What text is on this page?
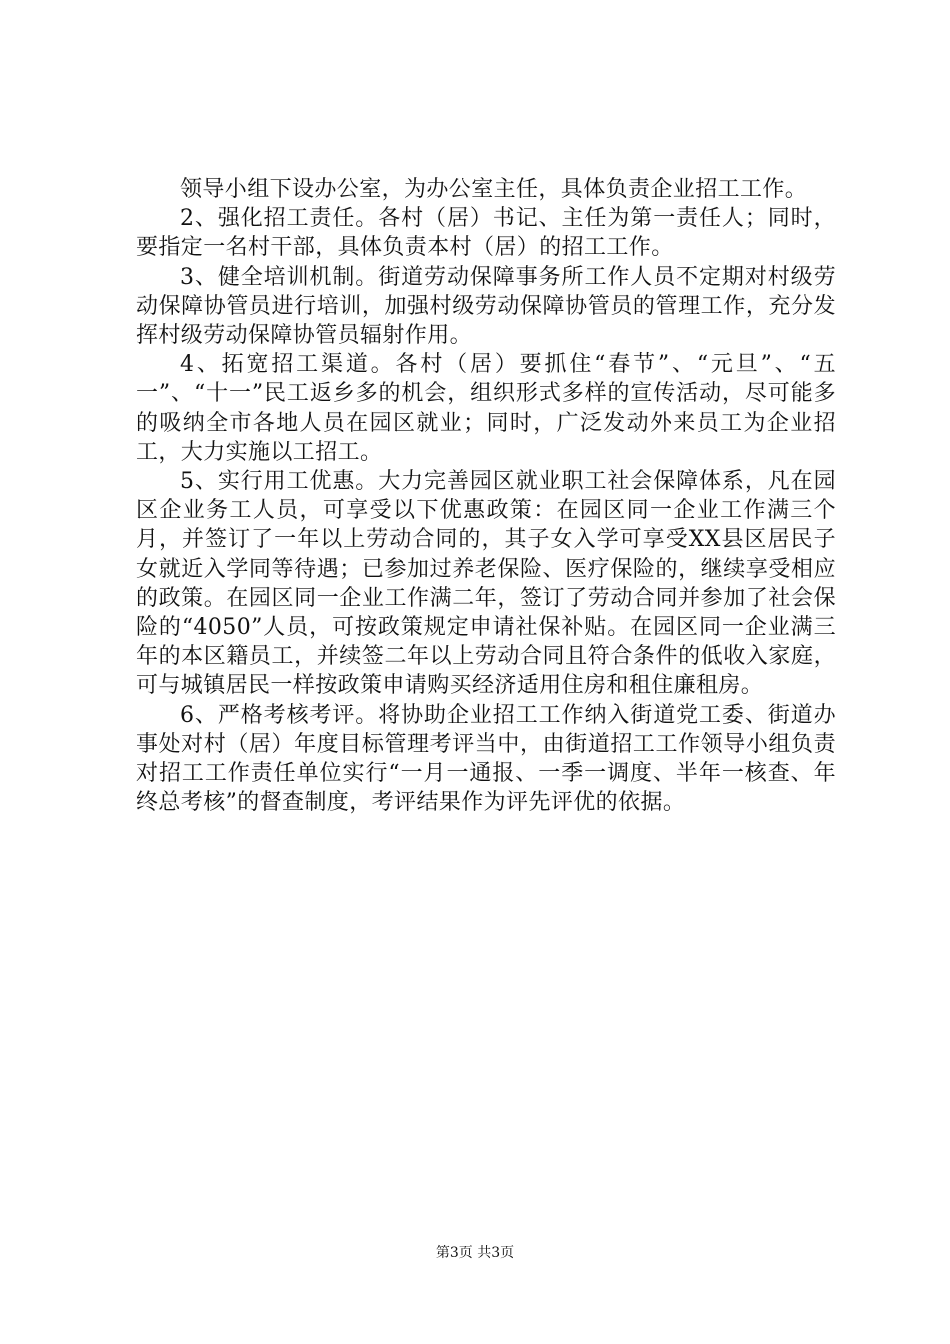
领导小组下设办公室，为办公室主任，具体负责企业招工工作。

2、强化招工责任。各村（居）书记、主任为第一责任人；同时，要指定一名村干部，具体负责本村（居）的招工工作。

3、健全培训机制。街道劳动保障事务所工作人员不定期对村级劳动保障协管员进行培训，加强村级劳动保障协管员的管理工作，充分发挥村级劳动保障协管员辐射作用。

4、拓宽招工渠道。各村（居）要抓住“春节”、“元旦”、“五一”、“十一”民工返乡多的机会，组织形式多样的宣传活动，尽可能多的吸纳全市各地人员在园区就业；同时，广泛发动外来员工为企业招工，大力实施以工招工。

5、实行用工优惠。大力完善园区就业职工社会保障体系，凡在园区企业务工人员，可享受以下优惠政策：在园区同一企业工作满三个月，并签订了一年以上劳动合同的，其子女入学可享受XX县区居民子女就近入学同等待遇；已参加过养老保险、医疗保险的，继续享受相应的政策。在园区同一企业工作满二年，签订了劳动合同并参加了社会保险的“4050”人员，可按政策规定申请社保补贴。在园区同一企业满三年的本区籍员工，并续签二年以上劳动合同且符合条件的低收入家庭，可与城镇居民一样按政策申请购买经济适用住房和租住廉租房。

6、严格考核考评。将协助企业招工工作纳入街道党工委、街道办事处对村（居）年度目标管理考评当中，由街道招工工作领导小组负责对招工工作责任单位实行“一月一通报、一季一调度、半年一核查、年终总考核”的督查制度，考评结果作为评先评优的依据。

第3页 共3页
